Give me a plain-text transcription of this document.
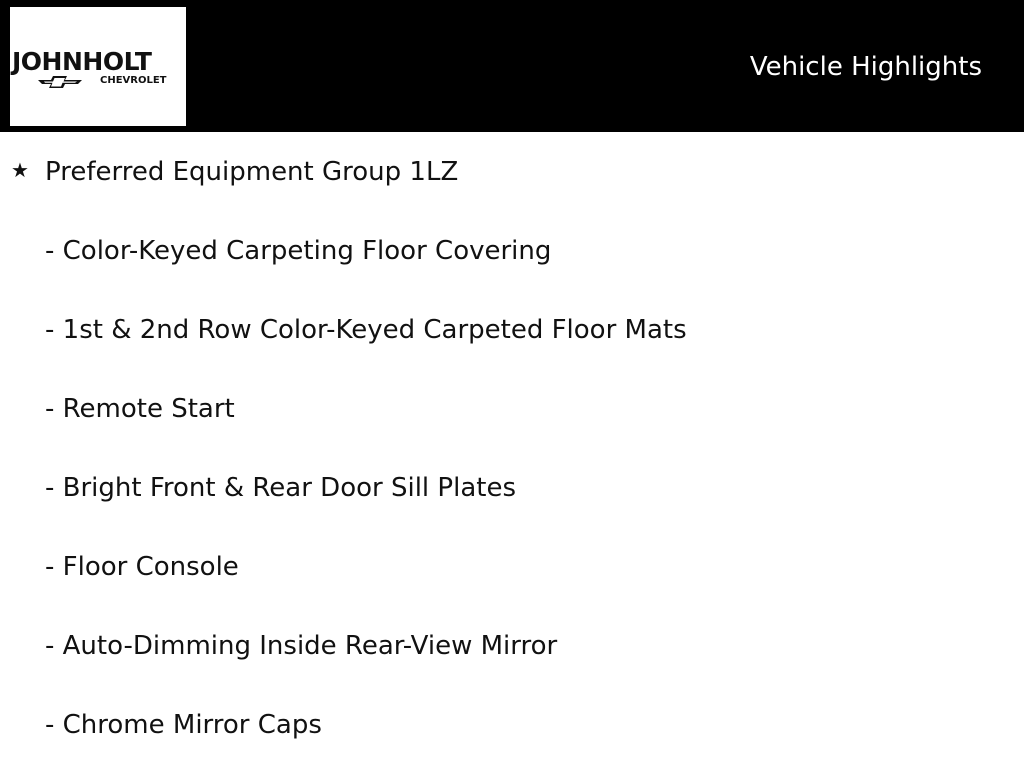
JOHNHOLT
CHEVROLET	Vehicle Highlights
★ Preferred Equipment Group 1LZ
- Color-Keyed Carpeting Floor Covering
- 1st & 2nd Row Color-Keyed Carpeted Floor Mats
- Remote Start
- Bright Front & Rear Door Sill Plates
- Floor Console
- Auto-Dimming Inside Rear-View Mirror
- Chrome Mirror Caps
